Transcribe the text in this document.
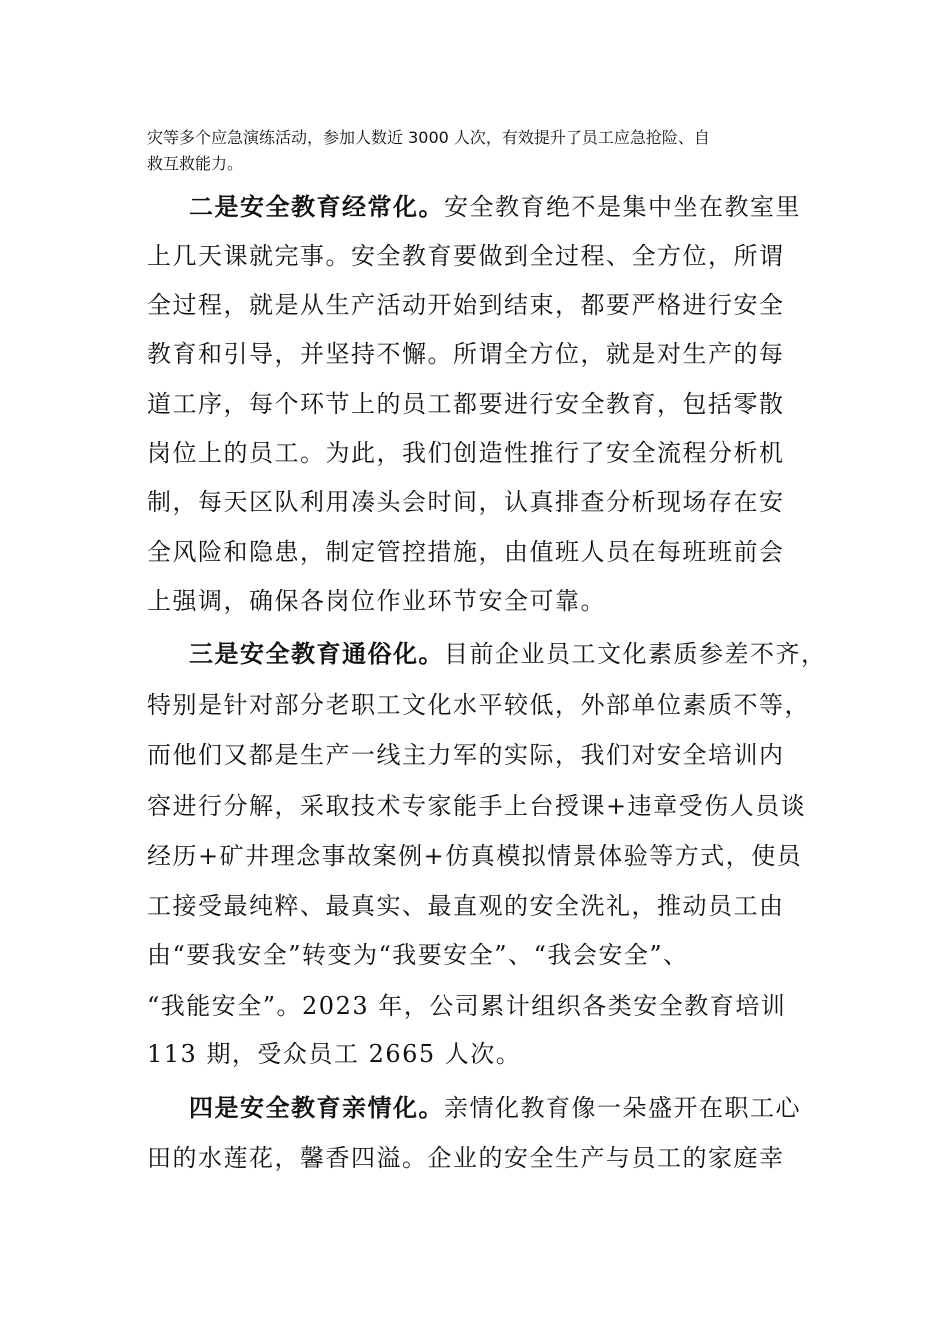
灾等多个应急演练活动，参加人数近 3000 人次，有效提升了员工应急抢险、自
救互救能力。
二是安全教育经常化。安全教育绝不是集中坐在教室里
上几天课就完事。安全教育要做到全过程、全方位，所谓
全过程，就是从生产活动开始到结束，都要严格进行安全
教育和引导，并坚持不懈。所谓全方位，就是对生产的每
道工序，每个环节上的员工都要进行安全教育，包括零散
岗位上的员工。为此，我们创造性推行了安全流程分析机
制，每天区队利用凑头会时间，认真排查分析现场存在安
全风险和隐患，制定管控措施，由值班人员在每班班前会
上强调，确保各岗位作业环节安全可靠。
三是安全教育通俗化。目前企业员工文化素质参差不齐，
特别是针对部分老职工文化水平较低，外部单位素质不等，
而他们又都是生产一线主力军的实际，我们对安全培训内
容进行分解，采取技术专家能手上台授课+违章受伤人员谈
经历+矿井理念事故案例+仿真模拟情景体验等方式，使员
工接受最纯粹、最真实、最直观的安全洗礼，推动员工由
由“要我安全”转变为“我要安全”、“我会安全”、
“我能安全”。2023 年，公司累计组织各类安全教育培训
113 期，受众员工 2665 人次。
四是安全教育亲情化。亲情化教育像一朵盛开在职工心
田的水莲花，馨香四溢。企业的安全生产与员工的家庭幸
